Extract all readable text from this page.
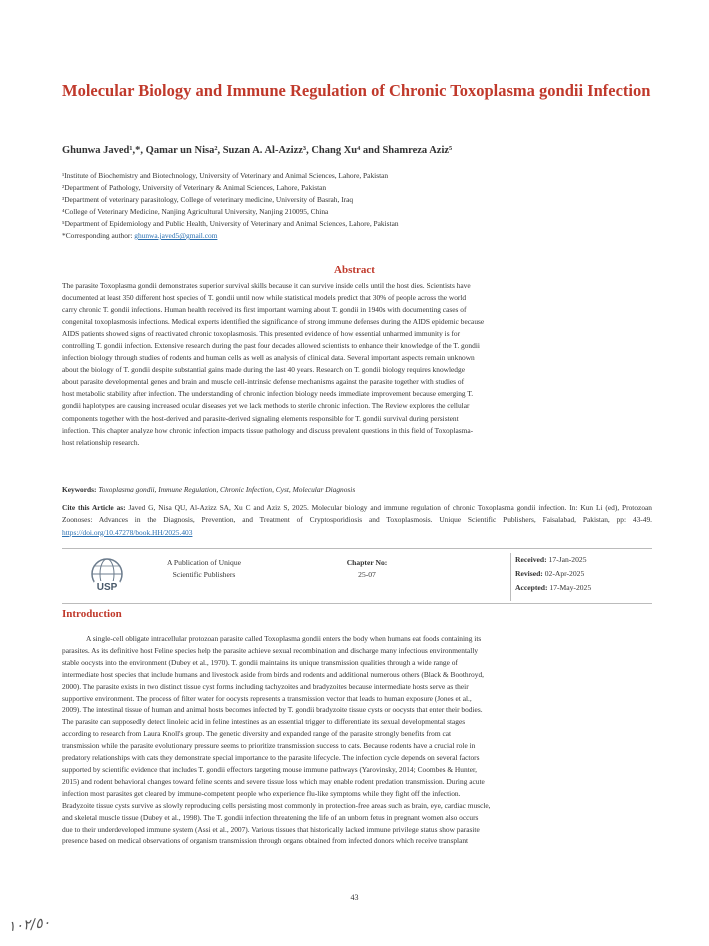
Molecular Biology and Immune Regulation of Chronic Toxoplasma gondii Infection
Ghunwa Javed¹,*, Qamar un Nisa², Suzan A. Al-Azizz³, Chang Xu⁴ and Shamreza Aziz⁵
¹Institute of Biochemistry and Biotechnology, University of Veterinary and Animal Sciences, Lahore, Pakistan
²Department of Pathology, University of Veterinary & Animal Sciences, Lahore, Pakistan
³Department of veterinary parasitology, College of veterinary medicine, University of Basrah, Iraq
⁴College of Veterinary Medicine, Nanjing Agricultural University, Nanjing 210095, China
⁵Department of Epidemiology and Public Health, University of Veterinary and Animal Sciences, Lahore, Pakistan
*Corresponding author: ghunwa.javed5@gmail.com
Abstract
The parasite Toxoplasma gondii demonstrates superior survival skills because it can survive inside cells until the host dies. Scientists have
documented at least 350 different host species of T. gondii until now while statistical models predict that 30% of people across the world
carry chronic T. gondii infections. Human health received its first important warning about T. gondii in 1940s with documenting cases of
congenital toxoplasmosis infections. Medical experts identified the significance of strong immune defenses during the AIDS epidemic because
AIDS patients showed signs of reactivated chronic toxoplasmosis. This presented evidence of how essential unharmed immunity is for
controlling T. gondii infection. Extensive research during the past four decades allowed scientists to enhance their knowledge of the T. gondii
infection biology through studies of rodents and human cells as well as analysis of clinical data. Several important aspects remain unknown
about the biology of T. gondii despite substantial gains made during the last 40 years. Research on T. gondii biology requires knowledge
about parasite developmental genes and brain and muscle cell-intrinsic defense mechanisms against the parasite together with studies of
host metabolic stability after infection. The understanding of chronic infection biology needs immediate improvement because emerging T.
gondii haplotypes are causing increased ocular diseases yet we lack methods to sterile chronic infection. The Review explores the cellular
components together with the host-derived and parasite-derived signaling elements responsible for T. gondii survival during persistent
infection. This chapter analyze how chronic infection impacts tissue pathology and discuss prevalent questions in this field of Toxoplasma-
host relationship research.
Keywords: Toxoplasma gondii, Immune Regulation, Chronic Infection, Cyst, Molecular Diagnosis
Cite this Article as: Javed G, Nisa QU, Al-Azizz SA, Xu C and Aziz S, 2025. Molecular biology and immune regulation of chronic Toxoplasma gondii infection. In: Kun Li (ed), Protozoan Zoonoses: Advances in the Diagnosis, Prevention, and Treatment of Cryptosporidiosis and Toxoplasmosis. Unique Scientific Publishers, Faisalabad, Pakistan, pp: 43-49. https://doi.org/10.47278/book.HH/2025.403
USP
A Publication of Unique Scientific Publishers
Chapter No:
25-07
Received: 17-Jan-2025
Revised: 02-Apr-2025
Accepted: 17-May-2025
Introduction
A single-cell obligate intracellular protozoan parasite called Toxoplasma gondii enters the body when humans eat foods containing its
parasites. As its definitive host Feline species help the parasite achieve sexual recombination and discharge many infectious environmentally
stable oocysts into the environment (Dubey et al., 1970). T. gondii maintains its unique transmission qualities through a wide range of
intermediate host species that include humans and livestock aside from birds and rodents and additional numerous others (Black & Boothroyd,
2000). The parasite exists in two distinct tissue cyst forms including tachyzoites and bradyzoites because intermediate hosts serve as their
supportive environment. The process of filter water for oocysts represents a transmission vector that leads to human exposure (Jones et al.,
2009). The intestinal tissue of human and animal hosts becomes infected by T. gondii bradyzoite tissue cysts or oocysts that enter their bodies.
The parasite can supposedly detect linoleic acid in feline intestines as an essential trigger to differentiate its sexual developmental stages
according to research from Laura Knoll's group. The genetic diversity and expanded range of the parasite strongly benefits from cat
transmission while the parasite evolutionary pressure seems to prioritize transmission success to cats. Because rodents have a crucial role in
predatory relationships with cats they demonstrate special importance to the parasite lifecycle. The infection cycle depends on several factors
supported by scientific evidence that includes T. gondii effectors targeting mouse immune pathways (Yarovinsky, 2014; Coombes & Hunter,
2015) and rodent behavioral changes toward feline scents and severe tissue loss which may enable rodent predation transmission. During acute
infection most parasites get cleared by immune-competent people who experience flu-like symptoms while they fight off the infection.
Bradyzoite tissue cysts survive as slowly reproducing cells persisting most commonly in protection-free areas such as brain, eye, cardiac muscle,
and skeletal muscle tissue (Dubey et al., 1998). The T. gondii infection threatening the life of an unborn fetus in pregnant women also occurs
due to their underdeveloped immune system (Assi et al., 2007). Various tissues that historically lacked immune privilege status show parasite
presence based on medical observations of organism transmission through organs obtained from infected donors which receive transplant
43
١٠٢/٥٠
